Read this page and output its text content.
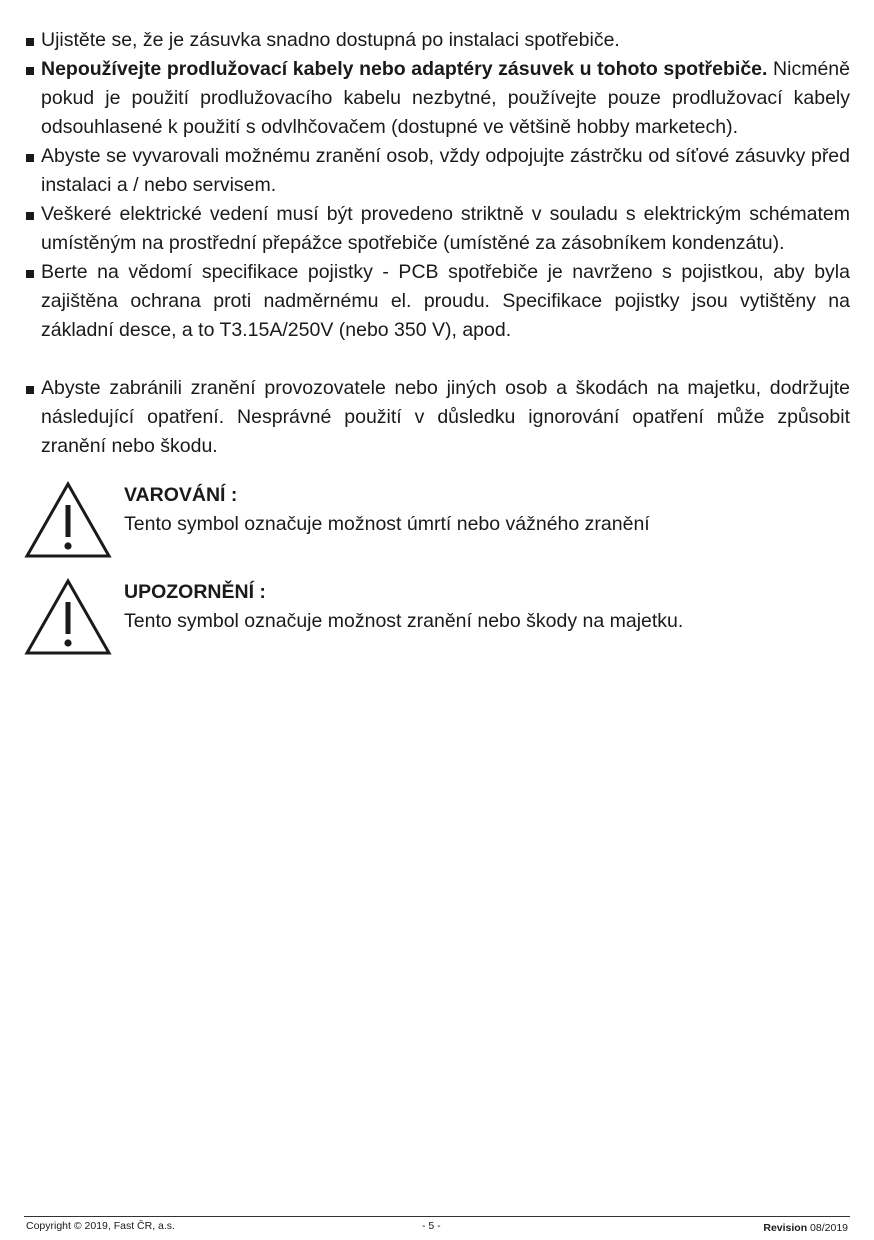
Ujistěte se, že je zásuvka snadno dostupná po instalaci spotřebiče.
Nepoužívejte prodlužovací kabely nebo adaptéry zásuvek u tohoto spotřebiče. Nicméně pokud je použití prodlužovacího kabelu nezbytné, používejte pouze prodlužovací kabely odsouhlasené k použití s odvlhčovačem (dostupné ve většině hobby marketech).
Abyste se vyvarovali možnému zranění osob, vždy odpojujte zástrčku od síťové zásuvky před instalaci a / nebo servisem.
Veškeré elektrické vedení musí být provedeno striktně v souladu s elektrickým schématem umístěným na prostřední přepážce spotřebiče (umístěné za zásobníkem kondenzátu).
Berte na vědomí specifikace pojistky - PCB spotřebiče je navrženo s pojistkou, aby byla zajištěna ochrana proti nadměrnému el. proudu. Specifikace pojistky jsou vytištěny na základní desce, a to T3.15A/250V (nebo 350 V), apod.
Abyste zabránili zranění provozovatele nebo jiných osob a škodách na majetku, dodržujte následující opatření. Nesprávné použití v důsledku ignorování opatření může způsobit zranění nebo škodu.
VAROVÁNÍ :
Tento symbol označuje možnost úmrtí nebo vážného zranění
UPOZORNĚNÍ :
Tento symbol označuje možnost zranění nebo škody na majetku.
Copyright © 2019, Fast ČR, a.s.	- 5 -	Revision 08/2019
